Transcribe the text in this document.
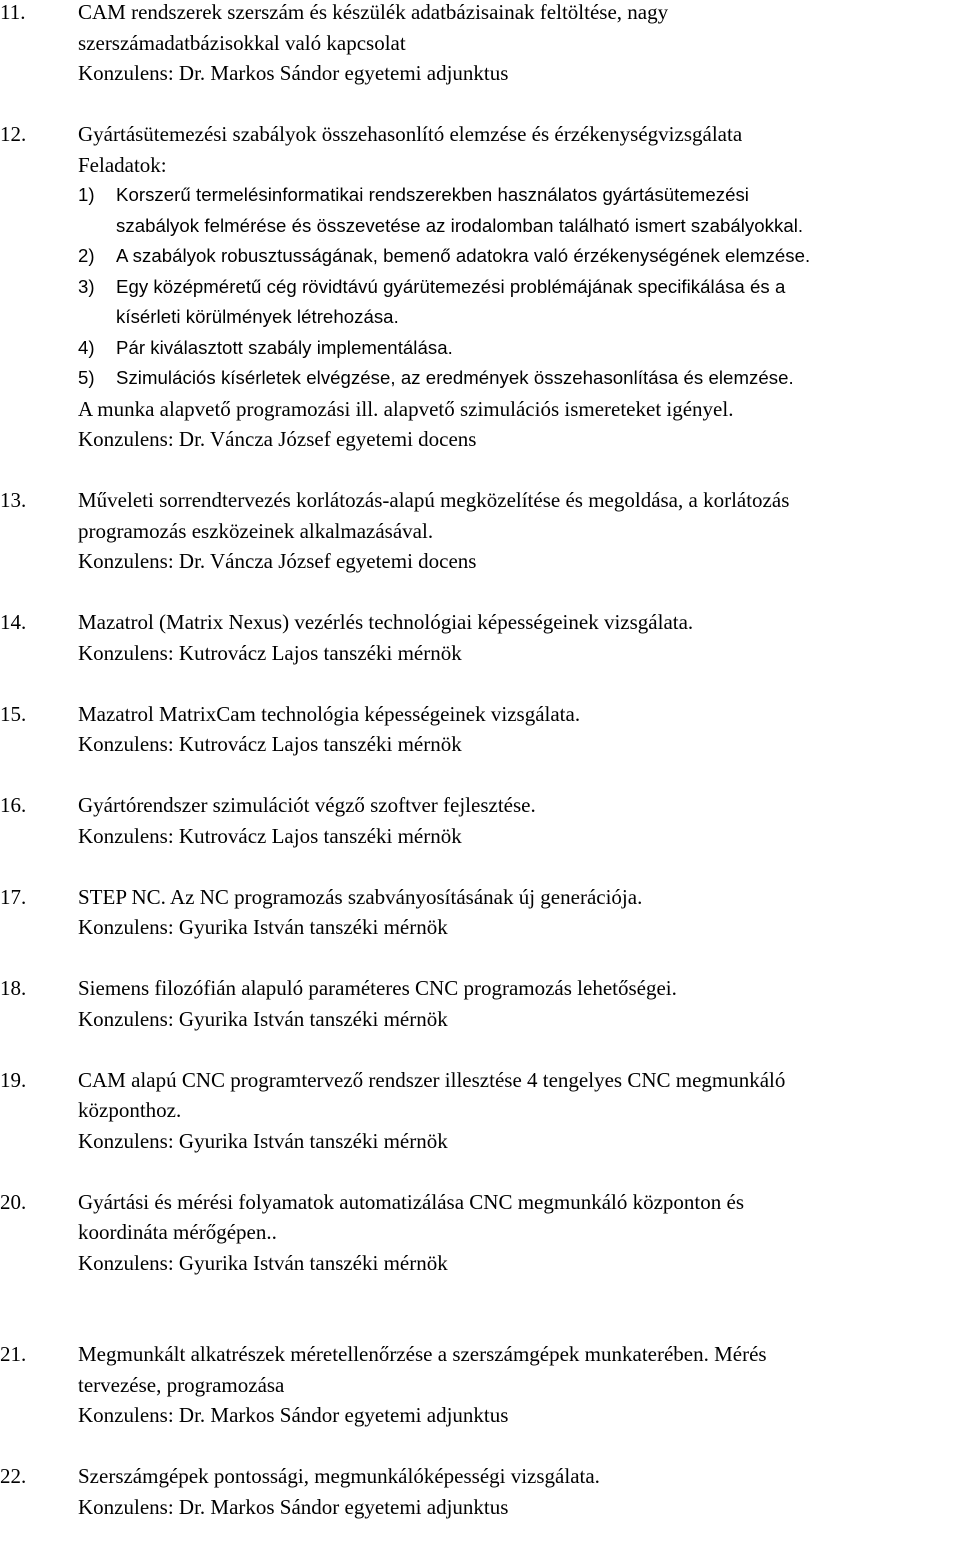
11.	CAM rendszerek szerszám és készülék adatbázisainak feltöltése, nagy
szerszámadatbázisokkal való kapcsolat
Konzulens: Dr. Markos Sándor egyetemi adjunktus
12.	Gyártásütemezési szabályok összehasonlító elemzése és érzékenységvizsgálata
Feladatok:
1) Korszerű termelésinformatikai rendszerekben használatos gyártásütemezési
szabályok felmérése és összevetése az irodalomban található ismert szabályokkal.
2) A szabályok robusztusságának, bemenő adatokra való érzékenységének elemzése.
3) Egy középméretű cég rövidtávú gyárütemezési problémájának specifikálása és a
kísérleti körülmények létrehozása.
4) Pár kiválasztott szabály implementálása.
5) Szimulációs kísérletek elvégzése, az eredmények összehasonlítása és elemzése.
A munka alapvető programozási ill. alapvető szimulációs ismereteket igényel.
Konzulens: Dr. Váncza József egyetemi docens
13.	Műveleti sorrendtervezés korlátozás-alapú megközelítése és megoldása, a korlátozás
programozás eszközeinek alkalmazásával.
Konzulens: Dr. Váncza József egyetemi docens
14.	Mazatrol (Matrix Nexus) vezérlés technológiai képességeinek vizsgálata.
Konzulens: Kutrovácz Lajos tanszéki mérnök
15.	Mazatrol MatrixCam technológia képességeinek vizsgálata.
Konzulens: Kutrovácz Lajos tanszéki mérnök
16.	Gyártórendszer szimulációt végző szoftver fejlesztése.
Konzulens: Kutrovácz Lajos tanszéki mérnök
17.	STEP NC. Az NC programozás szabványosításának új generációja.
Konzulens: Gyurika István tanszéki mérnök
18.	Siemens filozófián alapuló paraméteres CNC programozás lehetőségei.
Konzulens: Gyurika István tanszéki mérnök
19.	CAM alapú CNC programtervező rendszer illesztése 4 tengelyes CNC megmunkáló
központhoz.
Konzulens: Gyurika István tanszéki mérnök
20.	Gyártási és mérési folyamatok automatizálása CNC megmunkáló központon és
koordináta mérőgépen..
Konzulens: Gyurika István tanszéki mérnök
21.	Megmunkált alkatrészek méretellenőrzése a szerszámgépek munkaterében. Mérés
tervezése, programozása
Konzulens: Dr. Markos Sándor egyetemi adjunktus
22.	Szerszámgépek pontossági, megmunkálóképességi vizsgálata.
Konzulens: Dr. Markos Sándor egyetemi adjunktus
